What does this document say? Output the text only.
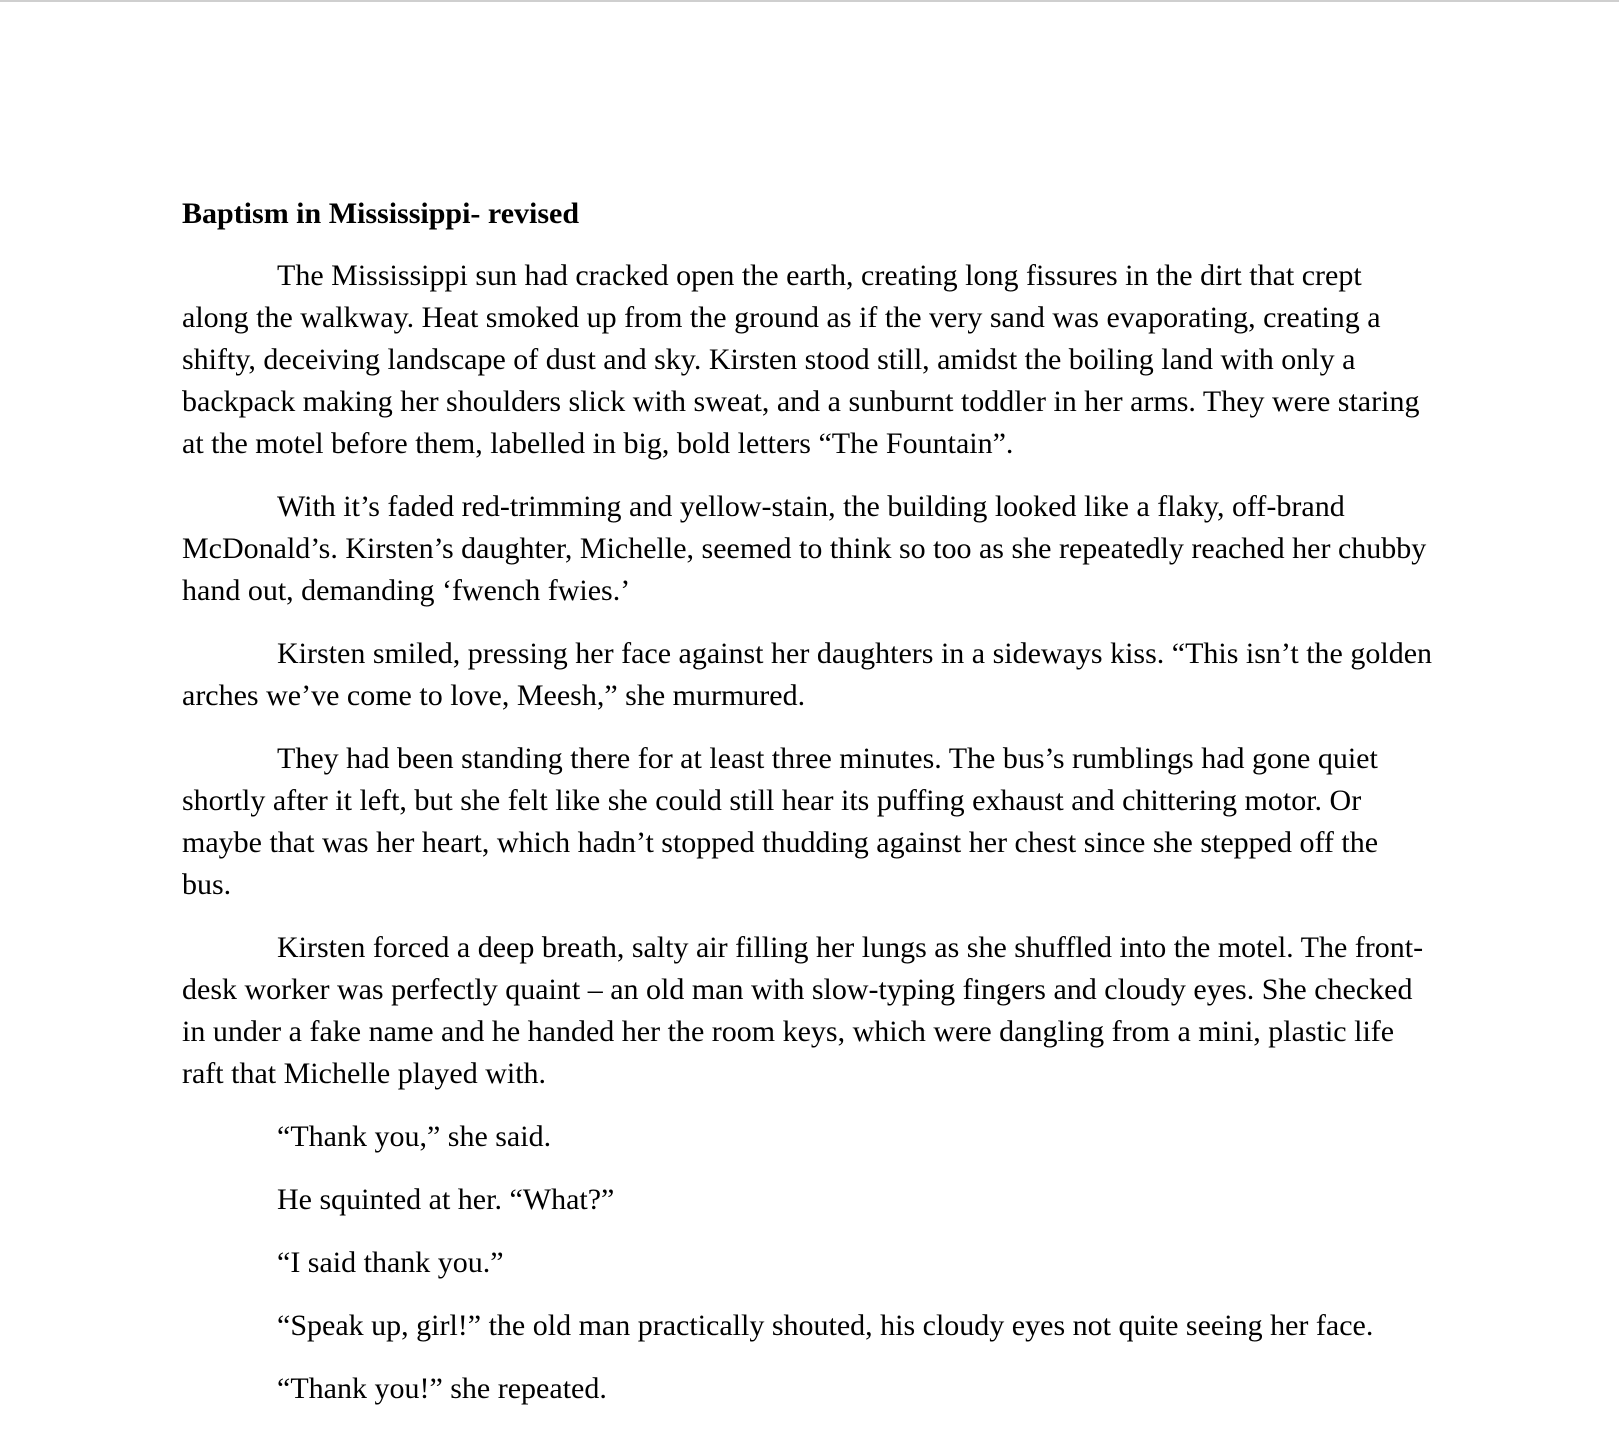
Baptism in Mississippi- revised

The Mississippi sun had cracked open the earth, creating long fissures in the dirt that crept along the walkway. Heat smoked up from the ground as if the very sand was evaporating, creating a shifty, deceiving landscape of dust and sky. Kirsten stood still, amidst the boiling land with only a backpack making her shoulders slick with sweat, and a sunburnt toddler in her arms. They were staring at the motel before them, labelled in big, bold letters “The Fountain”.

With it’s faded red-trimming and yellow-stain, the building looked like a flaky, off-brand McDonald’s. Kirsten’s daughter, Michelle, seemed to think so too as she repeatedly reached her chubby hand out, demanding ‘fwench fwies.’

Kirsten smiled, pressing her face against her daughters in a sideways kiss. “This isn’t the golden arches we’ve come to love, Meesh,” she murmured.

They had been standing there for at least three minutes. The bus’s rumblings had gone quiet shortly after it left, but she felt like she could still hear its puffing exhaust and chittering motor. Or maybe that was her heart, which hadn’t stopped thudding against her chest since she stepped off the bus.

Kirsten forced a deep breath, salty air filling her lungs as she shuffled into the motel. The front-desk worker was perfectly quaint – an old man with slow-typing fingers and cloudy eyes. She checked in under a fake name and he handed her the room keys, which were dangling from a mini, plastic life raft that Michelle played with.

“Thank you,” she said.

He squinted at her. “What?”

“I said thank you.”

“Speak up, girl!” the old man practically shouted, his cloudy eyes not quite seeing her face.

“Thank you!” she repeated.
